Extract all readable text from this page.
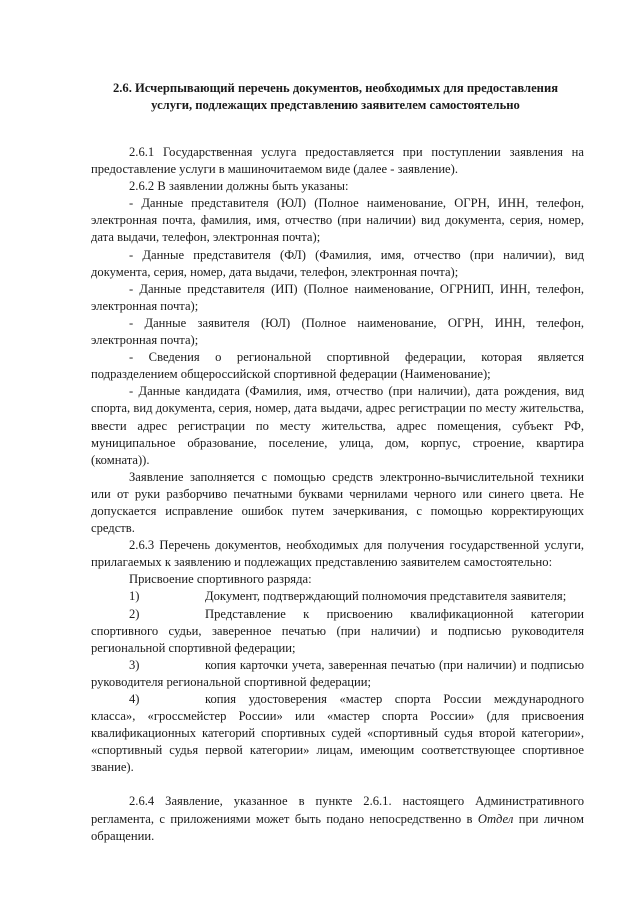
2.6. Исчерпывающий перечень документов, необходимых для предоставления
услуги, подлежащих представлению заявителем самостоятельно

2.6.1 Государственная услуга предоставляется при поступлении заявления на предоставление услуги в машиночитаемом виде (далее - заявление).

2.6.2 В заявлении должны быть указаны:

- Данные представителя (ЮЛ) (Полное наименование, ОГРН, ИНН, телефон, электронная почта, фамилия, имя, отчество (при наличии) вид документа, серия, номер, дата выдачи, телефон, электронная почта);

- Данные представителя (ФЛ) (Фамилия, имя, отчество (при наличии), вид документа, серия, номер, дата выдачи, телефон, электронная почта);

- Данные представителя (ИП) (Полное наименование, ОГРНИП, ИНН, телефон, электронная почта);

- Данные заявителя (ЮЛ) (Полное наименование, ОГРН, ИНН, телефон, электронная почта);

- Сведения о региональной спортивной федерации, которая является подразделением общероссийской спортивной федерации (Наименование);

- Данные кандидата (Фамилия, имя, отчество (при наличии), дата рождения, вид спорта, вид документа, серия, номер, дата выдачи, адрес регистрации по месту жительства, ввести адрес регистрации по месту жительства, адрес помещения, субъект РФ, муниципальное образование, поселение, улица, дом, корпус, строение, квартира (комната)).

Заявление заполняется с помощью средств электронно-вычислительной техники или от руки разборчиво печатными буквами чернилами черного или синего цвета. Не допускается исправление ошибок путем зачеркивания, с помощью корректирующих средств.

2.6.3 Перечень документов, необходимых для получения государственной услуги, прилагаемых к заявлению и подлежащих представлению заявителем самостоятельно:

Присвоение спортивного разряда:

1)	Документ, подтверждающий полномочия представителя заявителя;

2)	Представление к присвоению квалификационной категории спортивного судьи, заверенное печатью (при наличии) и подписью руководителя региональной спортивной федерации;

3)	копия карточки учета, заверенная печатью (при наличии) и подписью руководителя региональной спортивной федерации;

4)	копия удостоверения «мастер спорта России международного класса», «гроссмейстер России» или «мастер спорта России» (для присвоения квалификационных категорий спортивных судей «спортивный судья второй категории», «спортивный судья первой категории» лицам, имеющим соответствующее спортивное звание).

2.6.4 Заявление, указанное в пункте 2.6.1. настоящего Административного регламента, с приложениями может быть подано непосредственно в Отдел при личном обращении.
